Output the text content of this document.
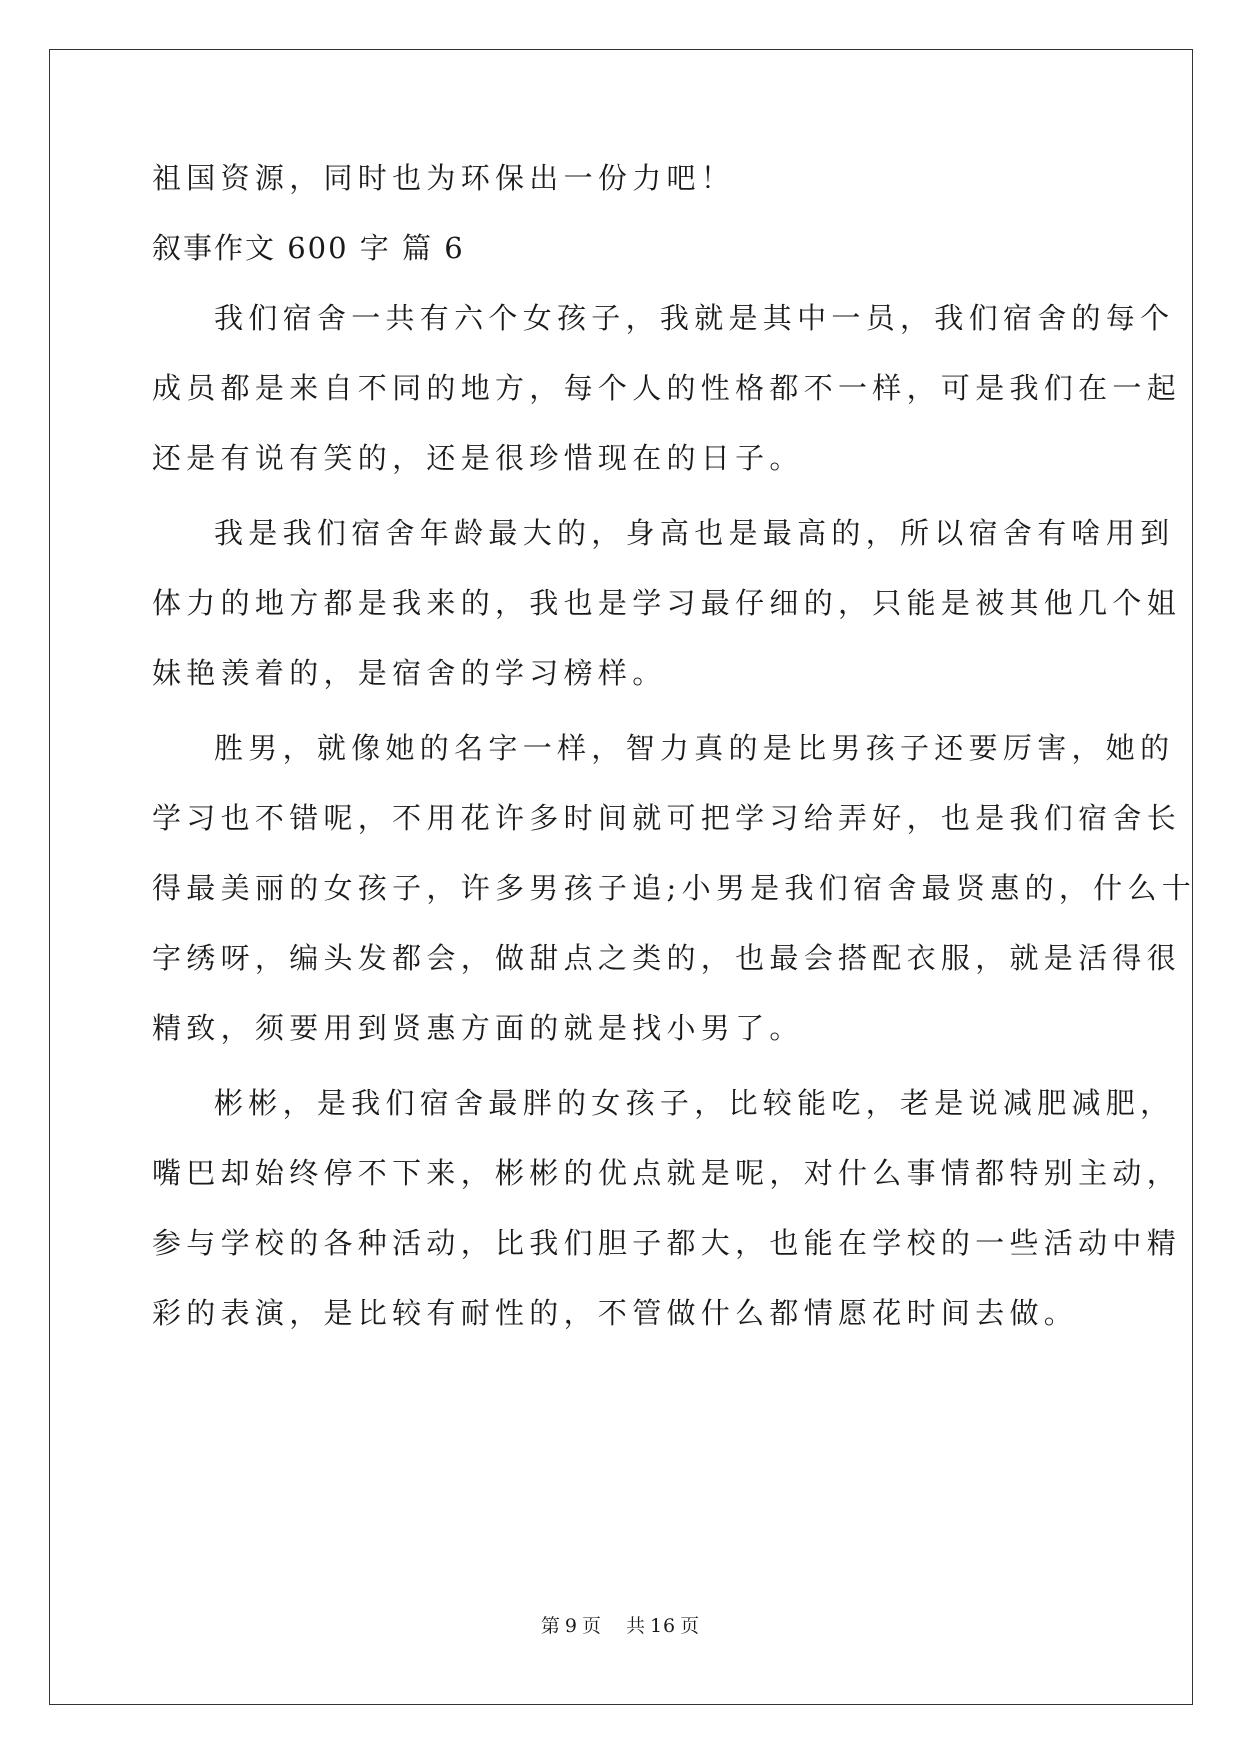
祖国资源，同时也为环保出一份力吧！
叙事作文 600 字 篇 6
我们宿舍一共有六个女孩子，我就是其中一员，我们宿舍的每个
成员都是来自不同的地方，每个人的性格都不一样，可是我们在一起
还是有说有笑的，还是很珍惜现在的日子。
我是我们宿舍年龄最大的，身高也是最高的，所以宿舍有啥用到
体力的地方都是我来的，我也是学习最仔细的，只能是被其他几个姐
妹艳羡着的，是宿舍的学习榜样。
胜男，就像她的名字一样，智力真的是比男孩子还要厉害，她的
学习也不错呢，不用花许多时间就可把学习给弄好，也是我们宿舍长
得最美丽的女孩子，许多男孩子追;小男是我们宿舍最贤惠的，什么十
字绣呀，编头发都会，做甜点之类的，也最会搭配衣服，就是活得很
精致，须要用到贤惠方面的就是找小男了。
彬彬，是我们宿舍最胖的女孩子，比较能吃，老是说减肥减肥，
嘴巴却始终停不下来，彬彬的优点就是呢，对什么事情都特别主动，
参与学校的各种活动，比我们胆子都大，也能在学校的一些活动中精
彩的表演，是比较有耐性的，不管做什么都情愿花时间去做。
第 9 页 共 16 页
